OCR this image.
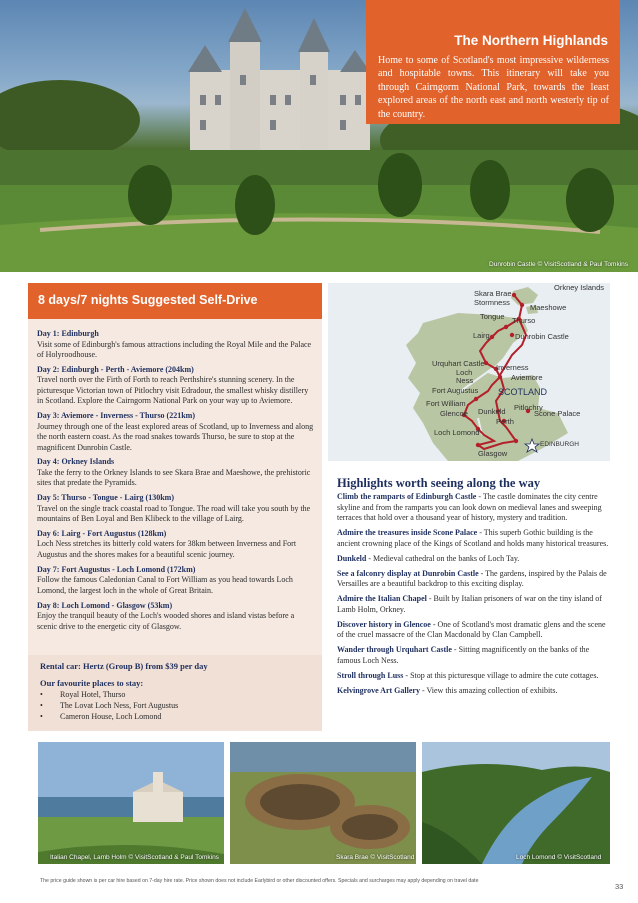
Dunrobin Castle © VisitScotland & Paul Tomkins
The Northern Highlands
Home to some of Scotland's most impressive wilderness and hospitable towns. This itinerary will take you through Cairngorm National Park, towards the least explored areas of the north east and north westerly tip of the country.
8 days/7 nights Suggested Self-Drive
Day 1: Edinburgh
Visit some of Edinburgh's famous attractions including the Royal Mile and the Palace of Holyroodhouse.
Day 2: Edinburgh - Perth - Aviemore (204km)
Travel north over the Firth of Forth to reach Perthshire's stunning scenery. In the picturesque Victorian town of Pitlochry visit Edradour, the smallest whisky distillery in Scotland. Explore the Cairngorm National Park on your way up to Aviemore.
Day 3: Aviemore - Inverness - Thurso (221km)
Journey through one of the least explored areas of Scotland, up to Inverness and along the north eastern coast. As the road snakes towards Thurso, be sure to stop at the magnificent Dunrobin Castle.
Day 4: Orkney Islands
Take the ferry to the Orkney Islands to see Skara Brae and Maeshowe, the prehistoric sites that predate the Pyramids.
Day 5: Thurso - Tongue - Lairg (130km)
Travel on the single track coastal road to Tongue. The road will take you south by the mountains of Ben Loyal and Ben Klibeck to the village of Lairg.
Day 6: Lairg - Fort Augustus (128km)
Loch Ness stretches its bitterly cold waters for 38km between Inverness and Fort Augustus and the shores makes for a beautiful scenic journey.
Day 7: Fort Augustus - Loch Lomond (172km)
Follow the famous Caledonian Canal to Fort William as you head towards Loch Lomond, the largest loch in the whole of Great Britain.
Day 8: Loch Lomond - Glasgow (53km)
Enjoy the tranquil beauty of the Loch's wooded shores and island vistas before a scenic drive to the energetic city of Glasgow.
Rental car: Hertz (Group B) from $39 per day
Our favourite places to stay:
• Royal Hotel, Thurso
• The Lovat Loch Ness, Fort Augustus
• Cameron House, Loch Lomond
Orkney Islands
Skara Brae
Stormness
Maeshowe
Tongue Thurso
Lairg	Dunrobin Castle
Urquhart Castle
Loch Ness
Inverness
Aviemore
Fort Augustus SCOTLAND
Fort William
Glencoe
Pitlochry
Dunkeld	Scone Palace
Perth
Loch Lomond
EDINBURGH
Glasgow
Highlights worth seeing along the way
Climb the ramparts of Edinburgh Castle - The castle dominates the city centre skyline and from the ramparts you can look down on medieval lanes and sweeping terraces that hold over a thousand year of history, mystery and tradition.
Admire the treasures inside Scone Palace - This superb Gothic building is the ancient crowning place of the Kings of Scotland and holds many historical treasures.
Dunkeld - Medieval cathedral on the banks of Loch Tay.
See a falconry display at Dunrobin Castle - The gardens, inspired by the Palais de Versailles are a beautiful backdrop to this exciting display.
Admire the Italian Chapel - Built by Italian prisoners of war on the tiny island of Lamb Holm, Orkney.
Discover history in Glencoe - One of Scotland's most dramatic glens and the scene of the cruel massacre of the Clan Macdonald by Clan Campbell.
Wander through Urquhart Castle - Sitting magnificently on the banks of the famous Loch Ness.
Stroll through Luss - Stop at this picturesque village to admire the cute cottages.
Kelvingrove Art Gallery - View this amazing collection of exhibits.
Italian Chapel, Lamb Holm © VisitScotland & Paul Tomkins	Skara Brae © VisitScotland	Loch Lomond © VisitScotland
The price guide shown is per car hire based on 7-day hire rate. Price shown does not include Earlybird or other discounted offers. Specials and surcharges may apply depending on travel date
33
